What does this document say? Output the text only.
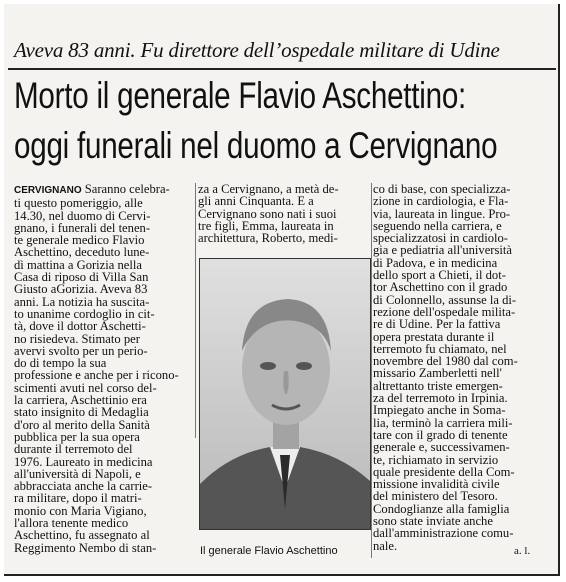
Aveva 83 anni. Fu direttore dell’ospedale militare di Udine
Morto il generale Flavio Aschettino:
oggi funerali nel duomo a Cervignano
CERVIGNANO Saranno celebra-
ti questo pomeriggio, alle
14.30, nel duomo di Cervi-
gnano, i funerali del tenen-
te generale medico Flavio
Aschettino, deceduto lune-
dì mattina a Gorizia nella
Casa di riposo di Villa San
Giusto aGorizia. Aveva 83
anni. La notizia ha suscita-
to unanime cordoglio in cit-
tà, dove il dottor Aschetti-
no risiedeva. Stimato per
avervi svolto per un perio-
do di tempo la sua
professione e anche per i ricono-
scimenti avuti nel corso del-
la carriera, Aschettinio era
stato insignito di Medaglia
d'oro al merito della Sanità
pubblica per la sua opera
durante il terremoto del
1976. Laureato in medicina
all'università di Napoli, e
abbracciata anche la carrie-
ra militare, dopo il matri-
monio con Maria Vigiano,
l'allora tenente medico
Aschettino, fu assegnato al
Reggimento Nembo di stan-
za a Cervignano, a metà de-
gli anni Cinquanta. E a
Cervignano sono nati i suoi
tre figli, Emma, laureata in
architettura, Roberto, medi-
co di base, con specializza-
zione in cardiologia, e Fla-
via, laureata in lingue. Pro-
seguendo nella carriera, e
specializzatosi in cardiolo-
gia e pediatria all'università
di Padova, e in medicina
dello sport a Chieti, il dot-
tor Aschettino con il grado
di Colonnello, assunse la di-
rezione dell'ospedale milita-
re di Udine. Per la fattiva
opera prestata durante il
terremoto fu chiamato, nel
novembre del 1980 dal com-
missario Zamberletti nell'
altrettanto triste emergen-
za del terremoto in Irpinia.
Impiegato anche in Soma-
lia, terminò la carriera mili-
tare con il grado di tenente
generale e, successivamen-
te, richiamato in servizio
quale presidente della Com-
missione invalidità civile
del ministero del Tesoro.
Condoglianze alla famiglia
sono state inviate anche
dall'amministrazione comu-
nale.
Il generale Flavio Aschettino	a. l.
